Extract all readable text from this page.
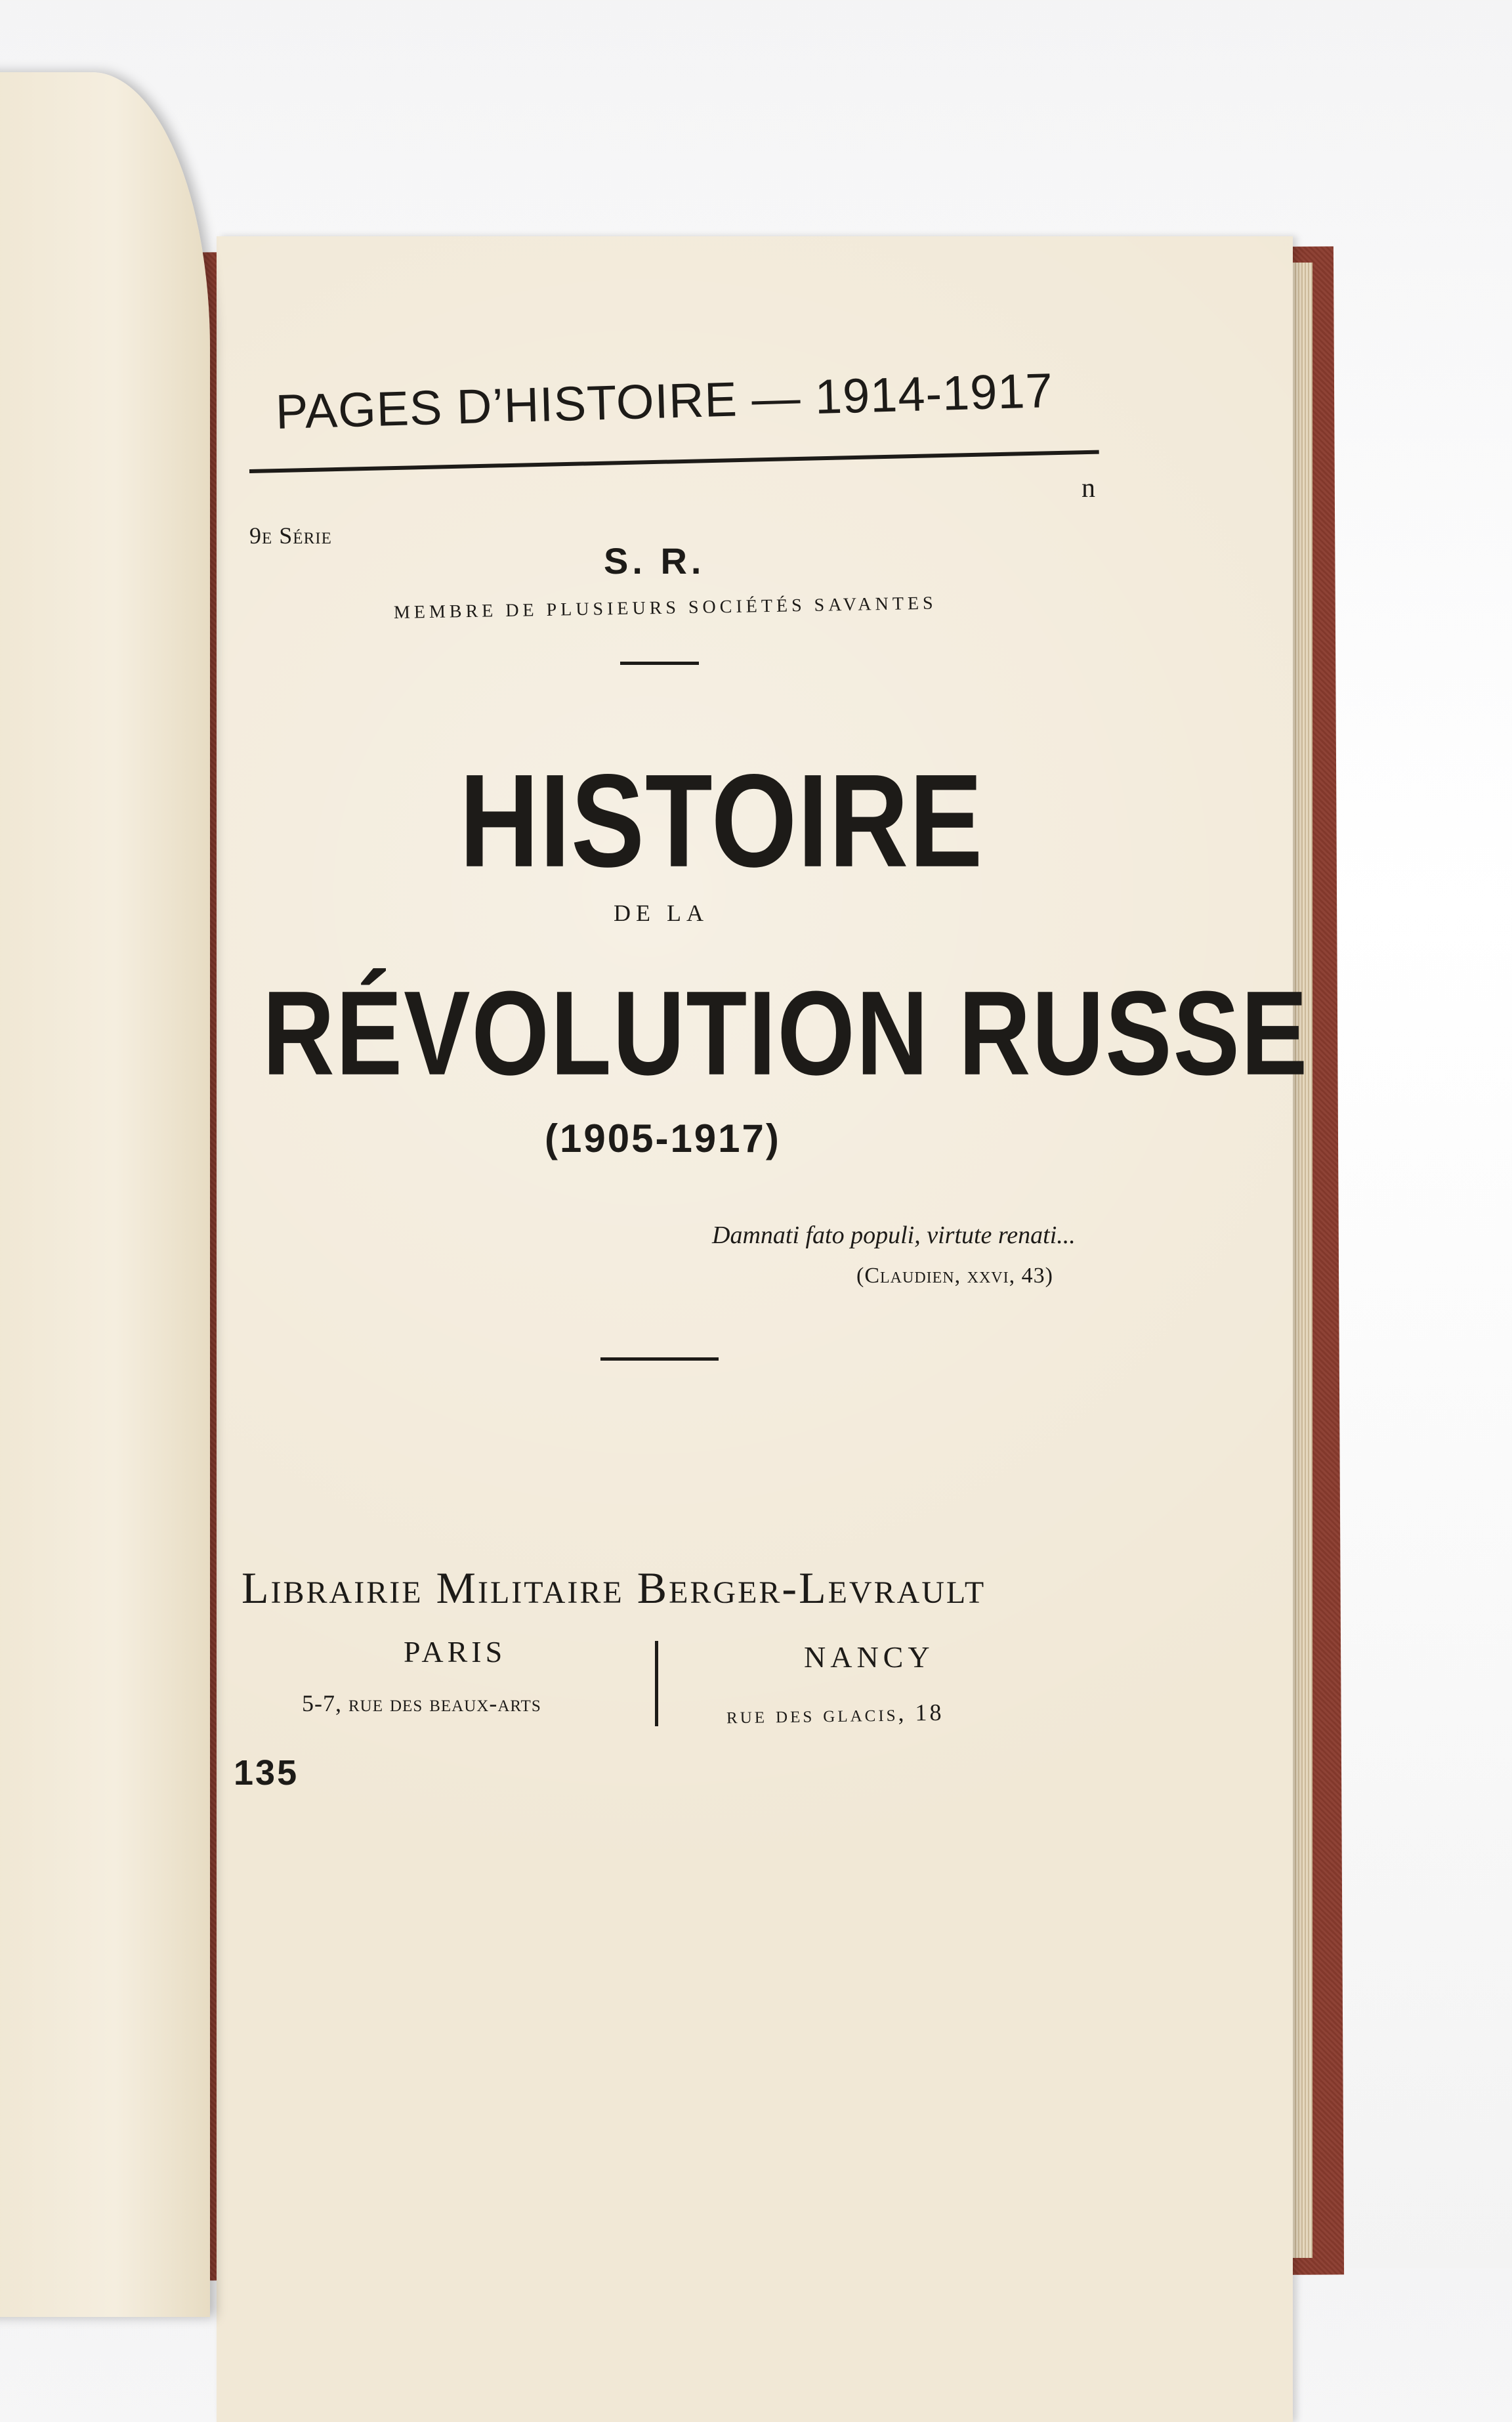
PAGES D’HISTOIRE — 1914-1917
n
9e Série
S. R.
MEMBRE DE PLUSIEURS SOCIÉTÉS SAVANTES
HISTOIRE
DE LA
RÉVOLUTION RUSSE
(1905-1917)
Damnati fato populi, virtute renati...
(Claudien, xxvi, 43)
Librairie Militaire Berger-Levrault
PARIS
5-7, rue des beaux-arts
NANCY
rue des glacis, 18
135
